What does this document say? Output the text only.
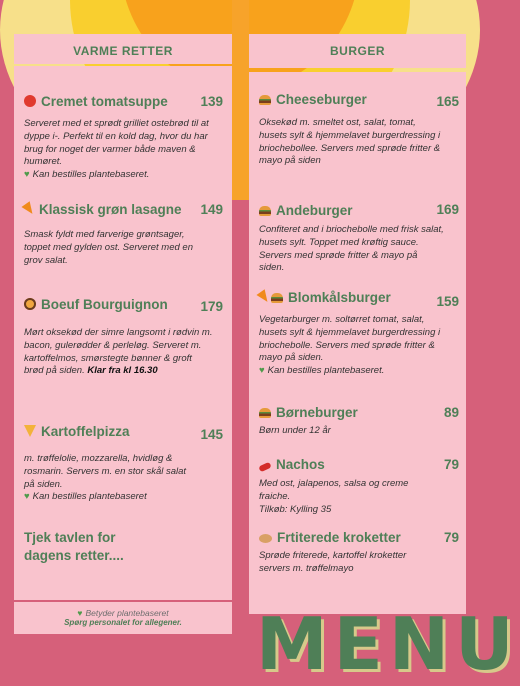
VARME RETTER	BURGER
Cremet tomatsuppe	139
Serveret med et sprødt grilliet ostebrød til at dyppe i-. Perfekt til en kold dag, hvor du har brug for noget der varmer både maven & humøret.
♥ Kan bestilles plantebaseret.
Klassisk grøn lasagne	149
Smask fyldt med farverige grøntsager, toppet med gylden ost. Serveret med en grov salat.
Boeuf Bourguignon	179
Mørt oksekød der simre langsomt i rødvin m. bacon, gulerødder & perleløg. Serveret m. kartoffelmos, smørstegte bønner & groft brød på siden. Klar fra kl 16.30
Kartoffelpizza	145
m. trøffelolie, mozzarella, hvidløg & rosmarin. Servers m. en stor skål salat på siden.
♥ Kan bestilles plantebaseret
Tjek tavlen for
dagens retter....
♥ Betyder plantebaseret
Spørg personalet for allegener.
Cheeseburger	165
Oksekød m. smeltet ost, salat, tomat, husets sylt & hjemmelavet burgerdressing i briochebollee. Servers med sprøde fritter & mayo på siden
Andeburger	169
Confiteret and i briochebolle med frisk salat, husets sylt. Toppet med krøftig sauce. Servers med sprøde fritter & mayo på siden.
Blomkålsburger	159
Vegetarburger m. soltørret tomat, salat, husets sylt & hjemmelavet burgerdressing i briochebolle. Servers med sprøde fritter & mayo på siden.
♥ Kan bestilles plantebaseret.
Børneburger	89
Børn under 12 år
Nachos	79
Med ost, jalapenos, salsa og creme fraiche.
Tilkøb: Kylling 35
Frtiterede kroketter	79
Sprøde friterede, kartoffel kroketter servers m. trøffelmayo
MENU
